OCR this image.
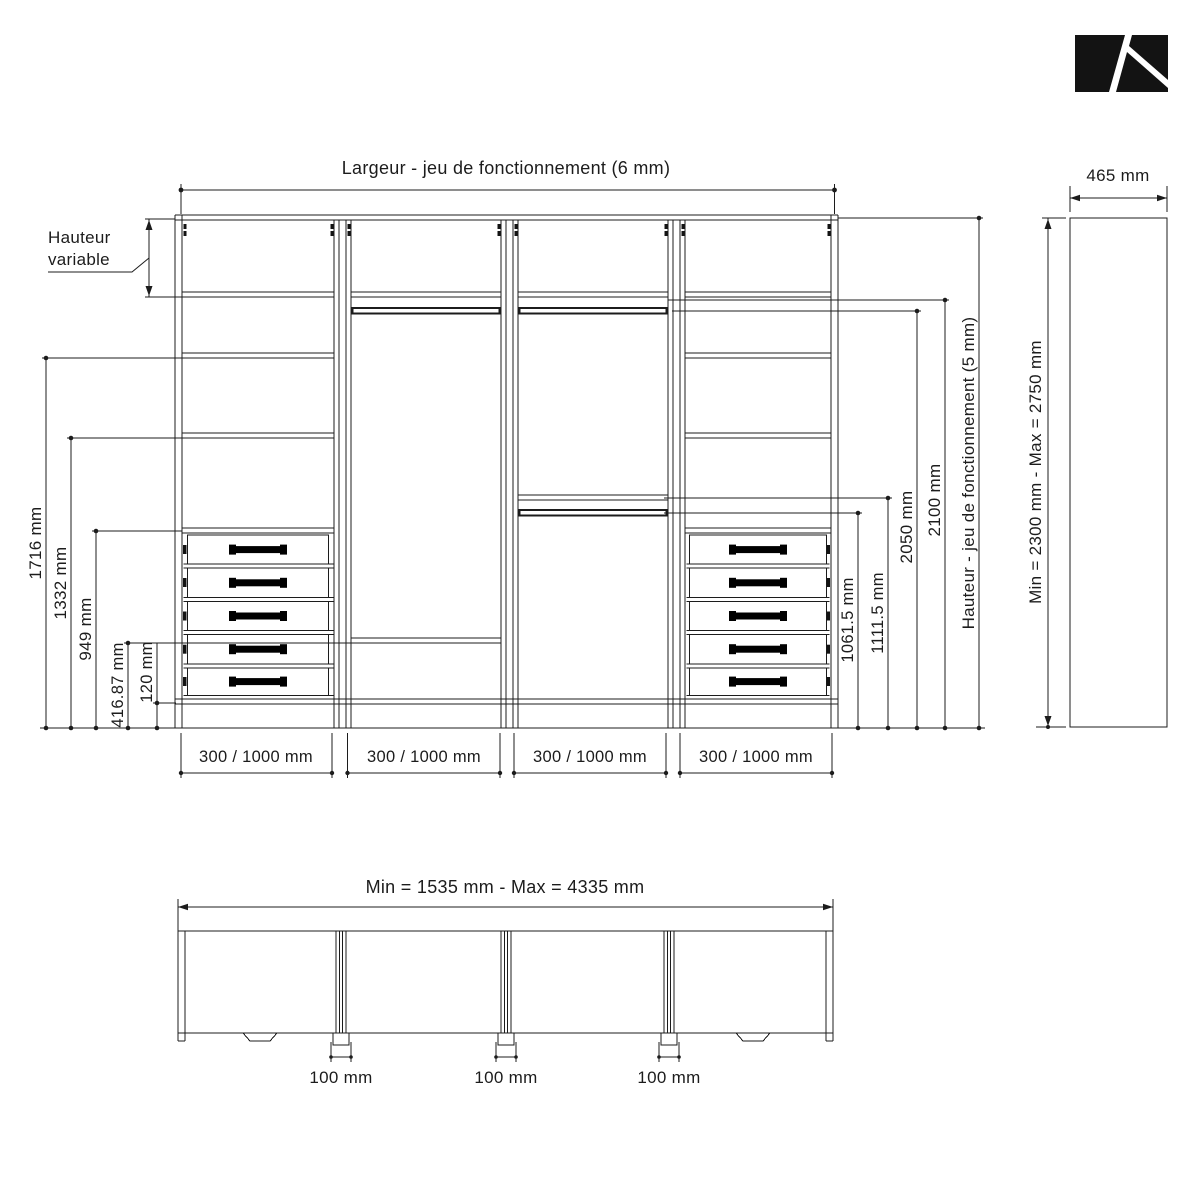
Largeur - jeu de fonctionnement (6 mm)
Hauteur
variable
1716 mm
1332 mm
949 mm
416.87 mm 120 mm
1061.5 mm 1111.5 mm
2050 mm 2100 mm Hauteur - jeu de fonctionnement (5 mm)
300 / 1000 mm	300 / 1000 mm	300 / 1000 mm	300 / 1000 mm
465 mm
Min = 2300 mm - Max = 2750 mm
Min = 1535 mm - Max = 4335 mm
100 mm	100 mm	100 mm
